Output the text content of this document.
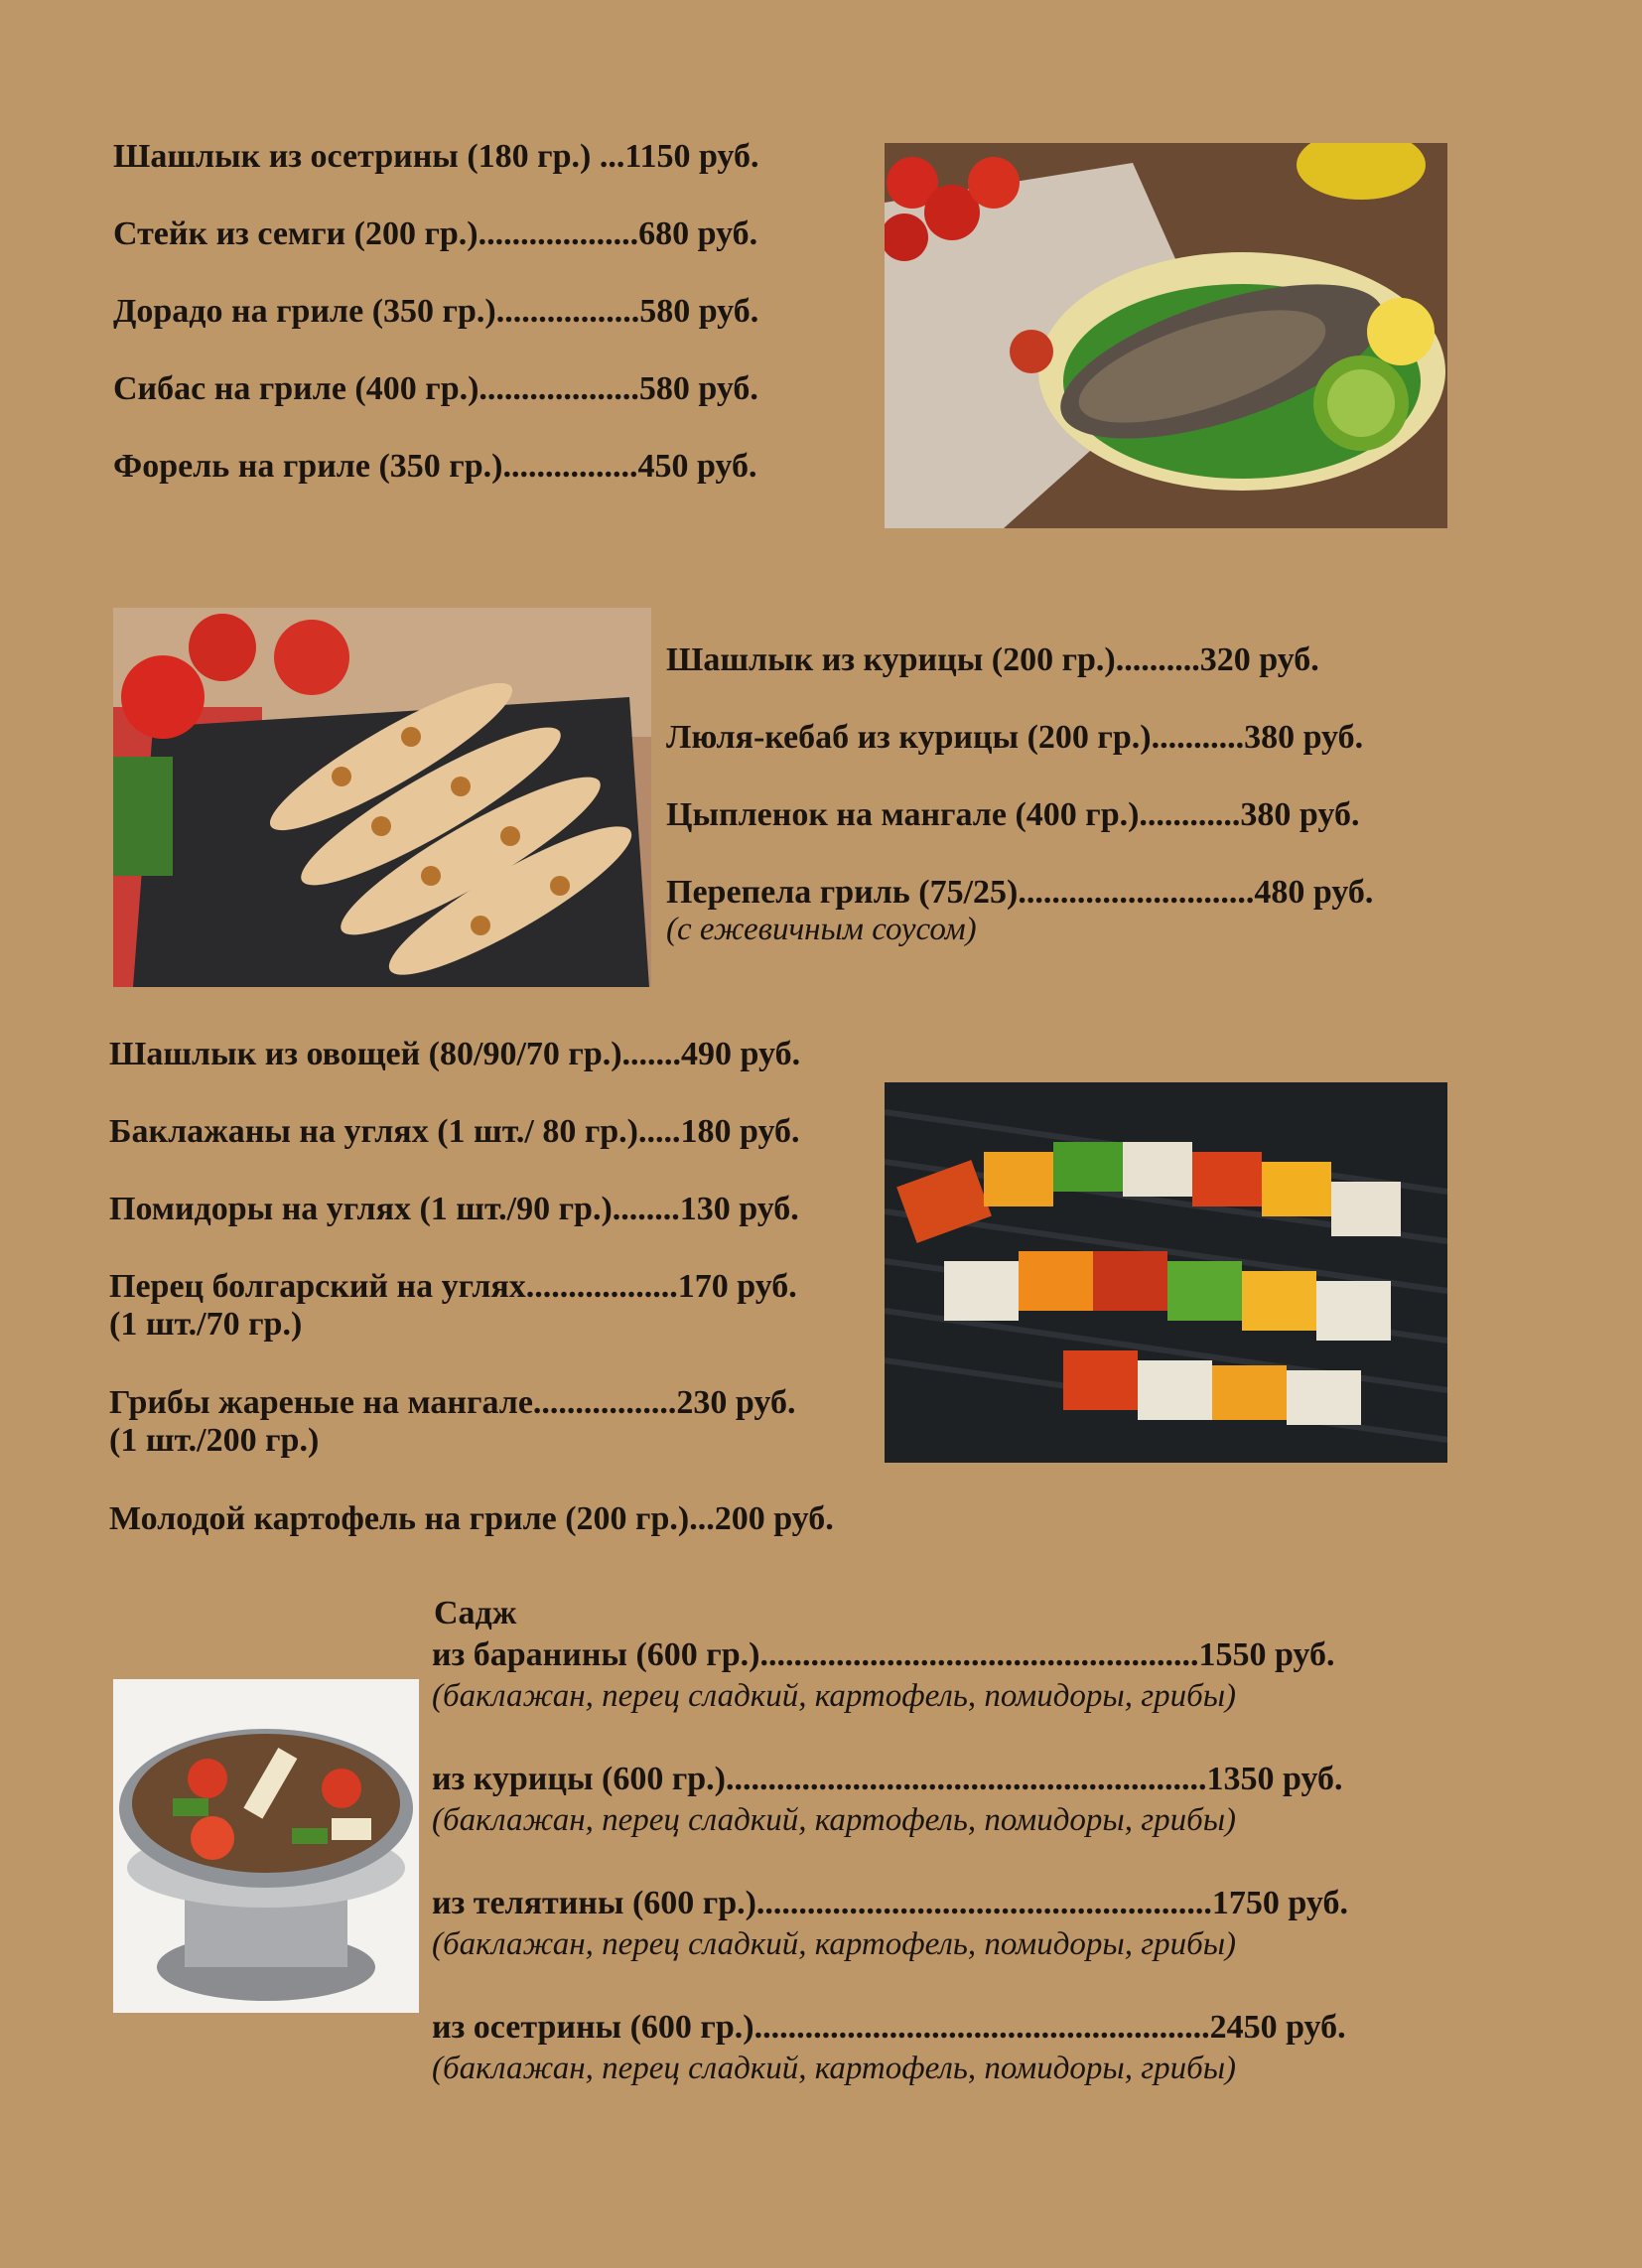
Шашлык из осетрины (180 гр.) ...1150 руб.
Стейк из семги (200 гр.)...................680 руб.
Дорадо на гриле (350 гр.).................580 руб.
Сибас на гриле (400 гр.)...................580 руб.
Форель на гриле (350 гр.)................450 руб.
Шашлык из курицы (200 гр.)..........320 руб.
Люля-кебаб из курицы (200 гр.)...........380 руб.
Цыпленок на мангале (400 гр.)............380 руб.
Перепела гриль (75/25)............................480 руб.
(с ежевичным соусом)
Шашлык из овощей (80/90/70 гр.).......490 руб.
Баклажаны на углях (1 шт./ 80 гр.).....180 руб.
Помидоры на углях (1 шт./90 гр.)........130 руб.
Перец болгарский на углях..................170 руб.
(1 шт./70 гр.)
Грибы жареные на мангале.................230 руб.
(1 шт./200 гр.)
Молодой картофель на гриле (200 гр.)...200 руб.
Садж
из баранины (600 гр.)....................................................1550 руб.
(баклажан, перец сладкий, картофель, помидоры, грибы)
из курицы (600 гр.).........................................................1350 руб.
(баклажан, перец сладкий, картофель, помидоры, грибы)
из телятины (600 гр.)......................................................1750 руб.
(баклажан, перец сладкий, картофель, помидоры, грибы)
из осетрины (600 гр.)......................................................2450 руб.
(баклажан, перец сладкий, картофель, помидоры, грибы)
